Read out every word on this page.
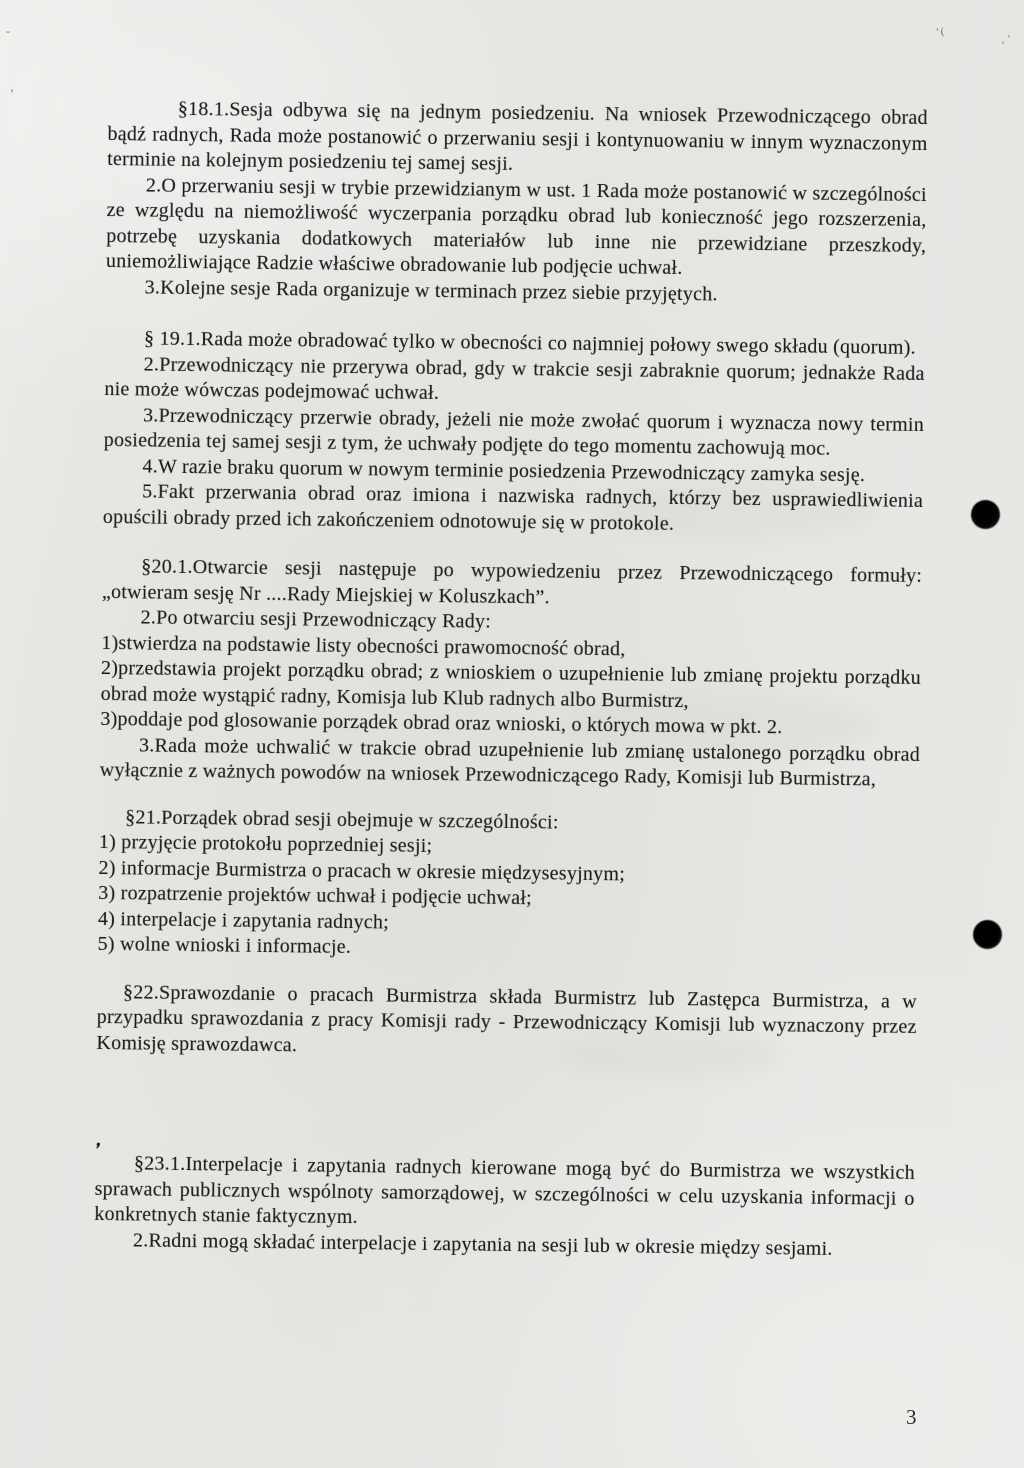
§18.1.Sesja odbywa się na jednym posiedzeniu. Na wniosek Przewodniczącego obrad bądź radnych, Rada może postanowić o przerwaniu sesji i kontynuowaniu w innym wyznaczonym terminie na kolejnym posiedzeniu tej samej sesji.

2.O przerwaniu sesji w trybie przewidzianym w ust. 1 Rada może postanowić w szczególności ze względu na niemożliwość wyczerpania porządku obrad lub konieczność jego rozszerzenia, potrzebę uzyskania dodatkowych materiałów lub inne nie przewidziane przeszkody, uniemożliwiające Radzie właściwe obradowanie lub podjęcie uchwał.

3.Kolejne sesje Rada organizuje w terminach przez siebie przyjętych.

§ 19.1.Rada może obradować tylko w obecności co najmniej połowy swego składu (quorum).

2.Przewodniczący nie przerywa obrad, gdy w trakcie sesji zabraknie quorum; jednakże Rada nie może wówczas podejmować uchwał.

3.Przewodniczący przerwie obrady, jeżeli nie może zwołać quorum i wyznacza nowy termin posiedzenia tej samej sesji z tym, że uchwały podjęte do tego momentu zachowują moc.

4.W razie braku quorum w nowym terminie posiedzenia Przewodniczący zamyka sesję.

5.Fakt przerwania obrad oraz imiona i nazwiska radnych, którzy bez usprawiedliwienia opuścili obrady przed ich zakończeniem odnotowuje się w protokole.

§20.1.Otwarcie sesji następuje po wypowiedzeniu przez Przewodniczącego formuły: „otwieram sesję Nr ....Rady Miejskiej w Koluszkach”.

2.Po otwarciu sesji Przewodniczący Rady:

1)stwierdza na podstawie listy obecności prawomocność obrad,

2)przedstawia projekt porządku obrad; z wnioskiem o uzupełnienie lub zmianę projektu porządku obrad może wystąpić radny, Komisja lub Klub radnych albo Burmistrz,

3)poddaje pod glosowanie porządek obrad oraz wnioski, o których mowa w pkt. 2.

3.Rada może uchwalić w trakcie obrad uzupełnienie lub zmianę ustalonego porządku obrad wyłącznie z ważnych powodów na wniosek Przewodniczącego Rady, Komisji lub Burmistrza,

§21.Porządek obrad sesji obejmuje w szczególności:

1) przyjęcie protokołu poprzedniej sesji;

2) informacje Burmistrza o pracach w okresie międzysesyjnym;

3) rozpatrzenie projektów uchwał i podjęcie uchwał;

4) interpelacje i zapytania radnych;

5) wolne wnioski i informacje.

§22.Sprawozdanie o pracach Burmistrza składa Burmistrz lub Zastępca Burmistrza, a w przypadku sprawozdania z pracy Komisji rady - Przewodniczący Komisji lub wyznaczony przez Komisję sprawozdawca.

§23.1.Interpelacje i zapytania radnych kierowane mogą być do Burmistrza we wszystkich sprawach publicznych wspólnoty samorządowej, w szczególności w celu uzyskania informacji o konkretnych stanie faktycznym.

2.Radni mogą składać interpelacje i zapytania na sesji lub w okresie między sesjami.

’(
˛’
-
’
❜
3
